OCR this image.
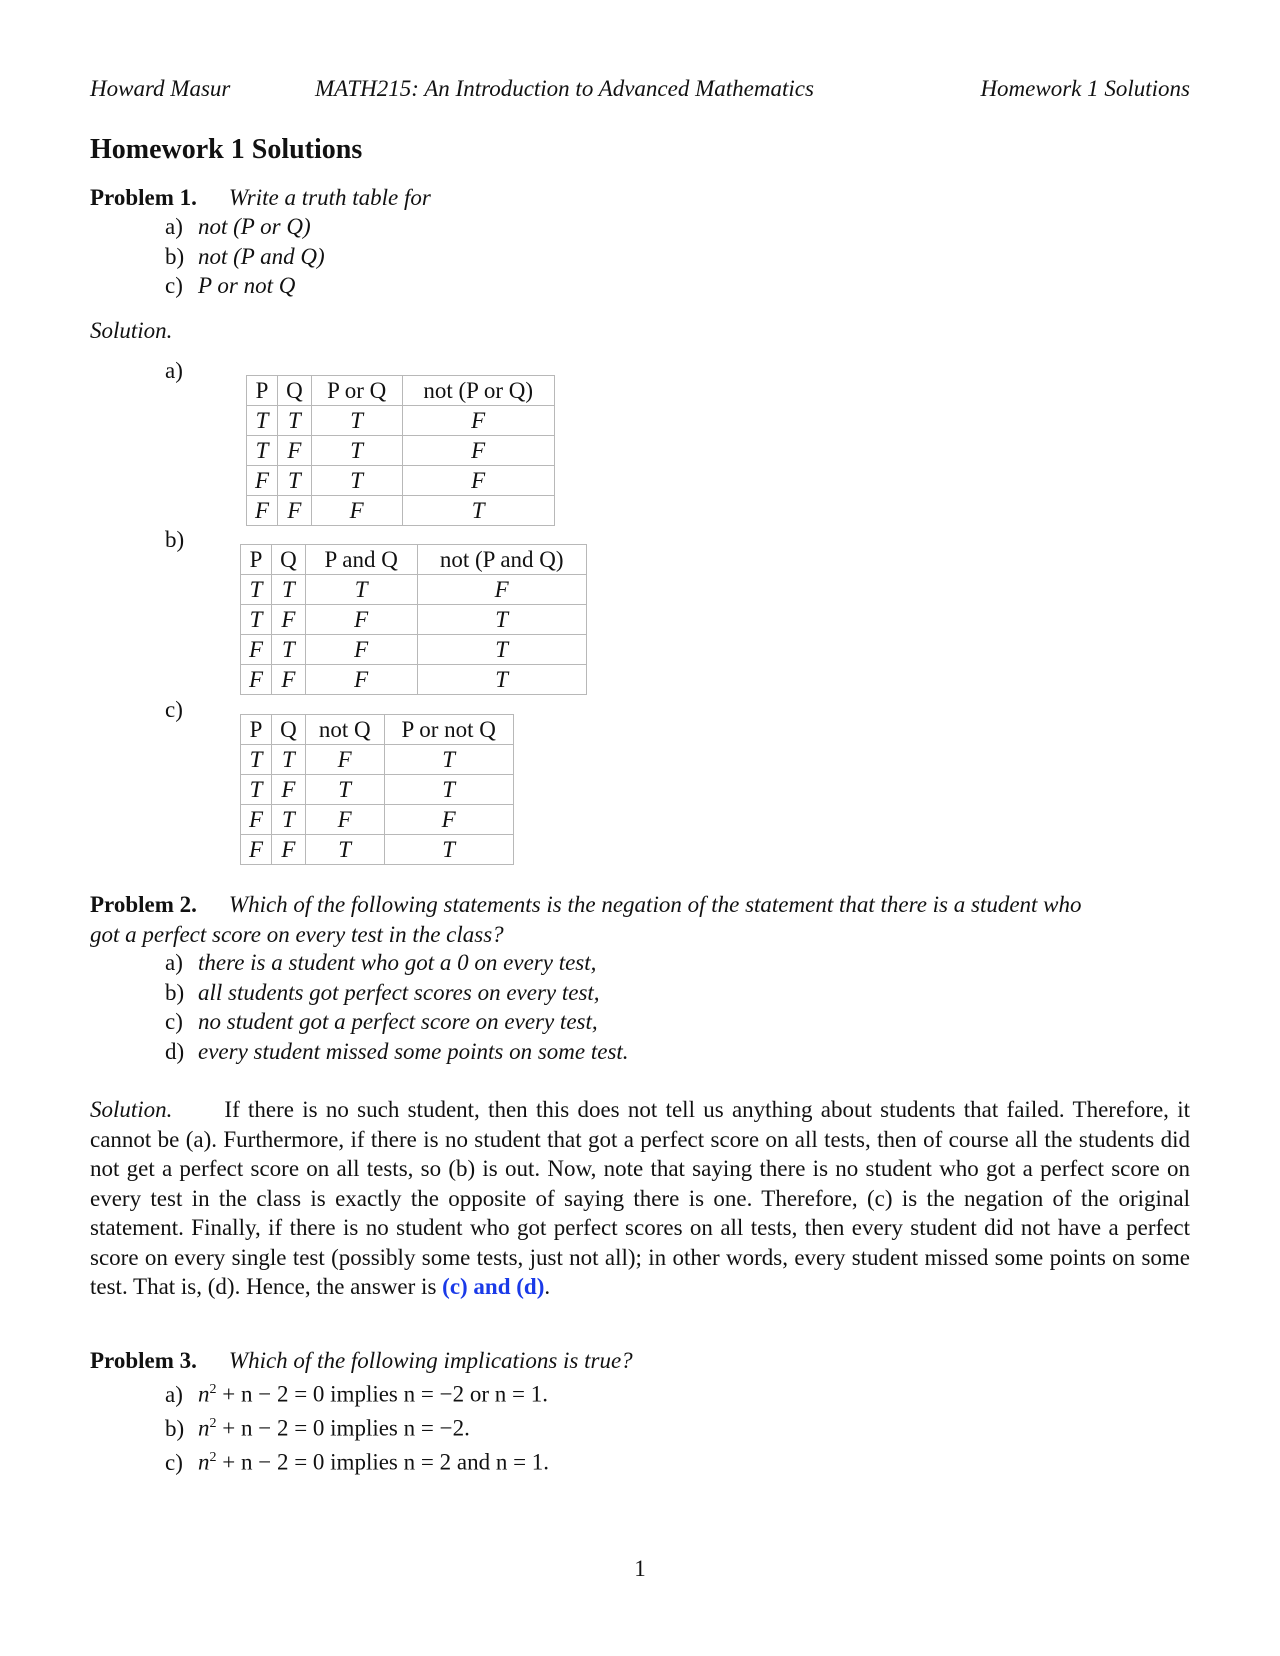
Howard Masur	MATH215: An Introduction to Advanced Mathematics	Homework 1 Solutions
Homework 1 Solutions
Problem 1. Write a truth table for
a) not (P or Q)
b) not (P and Q)
c) P or not Q
Solution.
a)
P	Q	P or Q	not (P or Q)
T	T	T	F
T	F	T	F
F	T	T	F
F	F	F	T
b)
P	Q	P and Q	not (P and Q)
T	T	T	F
T	F	F	T
F	T	F	T
F	F	F	T
c)
P	Q	not Q	P or not Q
T	T	F	T
T	F	T	T
F	T	F	F
F	F	T	T
Problem 2. Which of the following statements is the negation of the statement that there is a student who
got a perfect score on every test in the class?
a) there is a student who got a 0 on every test,
b) all students got perfect scores on every test,
c) no student got a perfect score on every test,
d) every student missed some points on some test.
Solution. If there is no such student, then this does not tell us anything about students that failed. Therefore, it cannot be (a). Furthermore, if there is no student that got a perfect score on all tests, then of course all the students did not get a perfect score on all tests, so (b) is out. Now, note that saying there is no student who got a perfect score on every test in the class is exactly the opposite of saying there is one. Therefore, (c) is the negation of the original statement. Finally, if there is no student who got perfect scores on all tests, then every student did not have a perfect score on every single test (possibly some tests, just not all); in other words, every student missed some points on some test. That is, (d). Hence, the answer is (c) and (d).
Problem 3. Which of the following implications is true?
a) $n^2 + n - 2 = 0$ implies n = −2 or n = 1.
b) $n^2 + n - 2 = 0$ implies n = −2.
c) $n^2 + n - 2 = 0$ implies n = 2 and n = 1.
1
